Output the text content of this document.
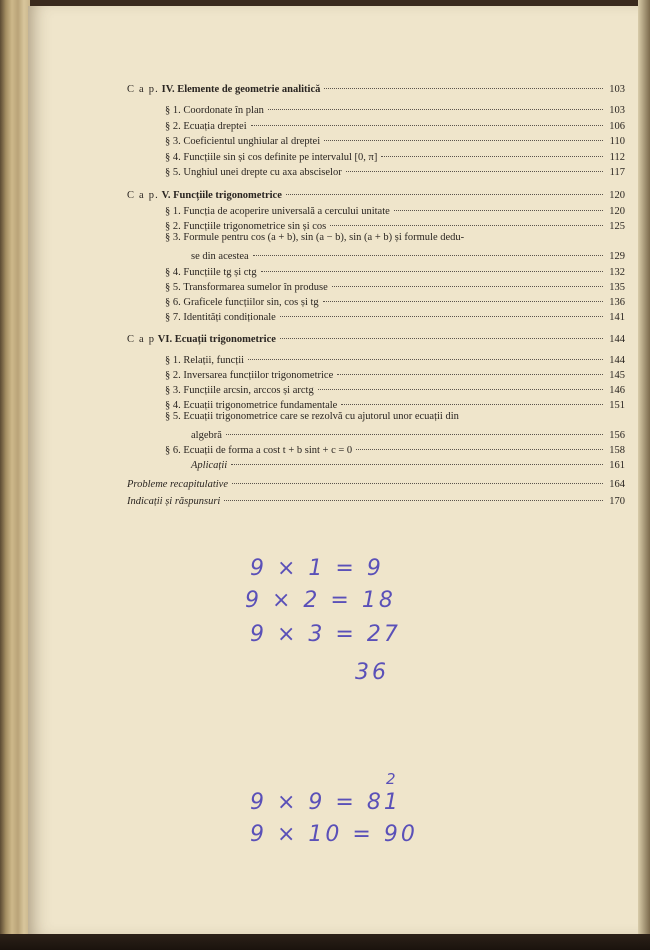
C a p. IV. Elemente de geometrie analitică	103
§ 1. Coordonate în plan	103
§ 2. Ecuația dreptei	106
§ 3. Coeficientul unghiular al dreptei	110
§ 4. Funcțiile sin și cos definite pe intervalul [0, π]	112
§ 5. Unghiul unei drepte cu axa absciselor	117
C a p. V. Funcțiile trigonometrice	120
§ 1. Funcția de acoperire universală a cercului unitate	120
§ 2. Funcțiile trigonometrice sin și cos	125
§ 3. Formule pentru cos (a + b), sin (a − b), sin (a + b) și formule dedu-
se din acestea	129
§ 4. Funcțiile tg și ctg	132
§ 5. Transformarea sumelor în produse	135
§ 6. Graficele funcțiilor sin, cos și tg	136
§ 7. Identități condiționale	141
C a p VI. Ecuații trigonometrice	144
§ 1. Relații, funcții	144
§ 2. Inversarea funcțiilor trigonometrice	145
§ 3. Funcțiile arcsin, arccos și arctg	146
§ 4. Ecuații trigonometrice fundamentale	151
§ 5. Ecuații trigonometrice care se rezolvă cu ajutorul unor ecuații din
algebră	156
§ 6. Ecuații de forma a cost t + b sint + c = 0	158
Aplicații	161
Probleme recapitulative	164
Indicații și răspunsuri	170
9 × 1 = 9
9 × 2 = 18
9 × 3 = 27
36
2
9 × 9 = 81
9 × 10 = 90
